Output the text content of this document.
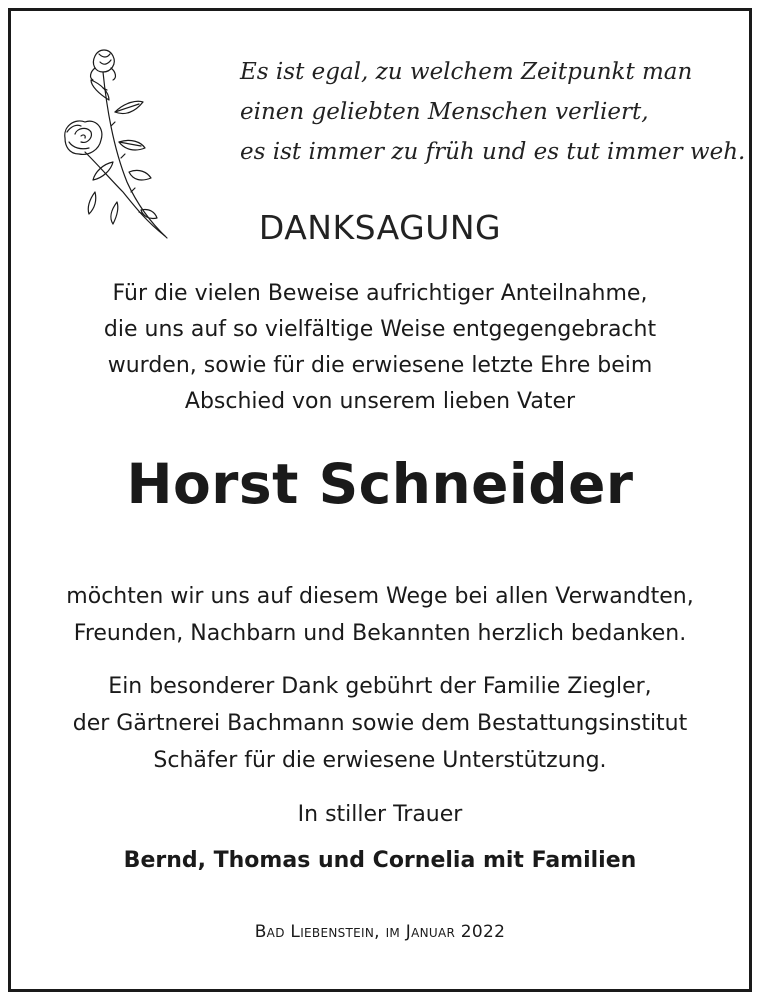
Es ist egal, zu welchem Zeitpunkt man
einen geliebten Menschen verliert,
es ist immer zu früh und es tut immer weh.
DANKSAGUNG
Für die vielen Beweise aufrichtiger Anteilnahme,
die uns auf so vielfältige Weise entgegengebracht
wurden, sowie für die erwiesene letzte Ehre beim
Abschied von unserem lieben Vater
Horst Schneider
möchten wir uns auf diesem Wege bei allen Verwandten,
Freunden, Nachbarn und Bekannten herzlich bedanken.
Ein besonderer Dank gebührt der Familie Ziegler,
der Gärtnerei Bachmann sowie dem Bestattungsinstitut
Schäfer für die erwiesene Unterstützung.
In stiller Trauer
Bernd, Thomas und Cornelia mit Familien
Bad Liebenstein, im Januar 2022
